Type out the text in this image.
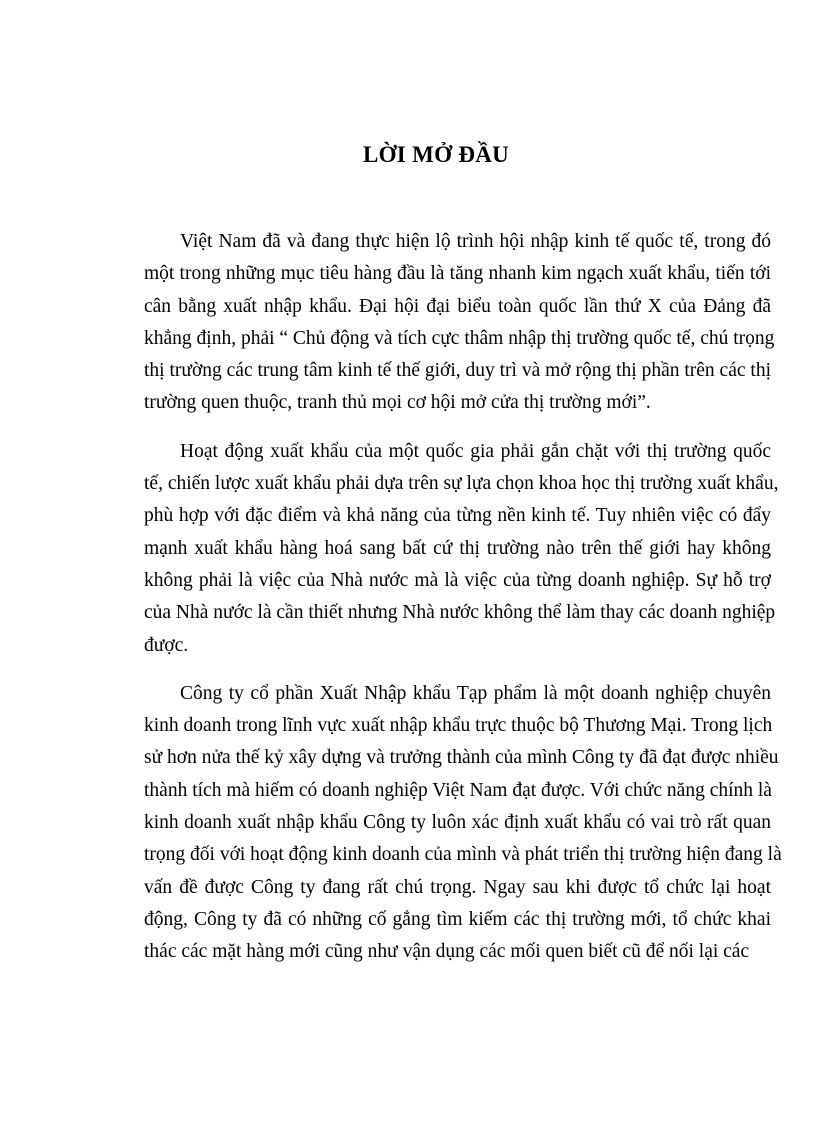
LỜI MỞ ĐẦU

Việt Nam đã và đang thực hiện lộ trình hội nhập kinh tế quốc tế, trong đó
một trong những mục tiêu hàng đầu là tăng nhanh kim ngạch xuất khẩu, tiến tới
cân bằng xuất nhập khẩu. Đại hội đại biểu toàn quốc lần thứ X của Đảng đã
khẳng định, phải “ Chủ động và tích cực thâm nhập thị trường quốc tế, chú trọng
thị trường các trung tâm kinh tế thế giới, duy trì và mở rộng thị phần trên các thị
trường quen thuộc, tranh thủ mọi cơ hội mở cửa thị trường mới”.

Hoạt động xuất khẩu của một quốc gia phải gắn chặt với thị trường quốc
tế, chiến lược xuất khẩu phải dựa trên sự lựa chọn khoa học thị trường xuất khẩu,
phù hợp với đặc điểm và khả năng của từng nền kinh tế. Tuy nhiên việc có đẩy
mạnh xuất khẩu hàng hoá sang bất cứ thị trường nào trên thế giới hay không
không phải là việc của Nhà nước mà là việc của từng doanh nghiệp. Sự hỗ trợ
của Nhà nước là cần thiết nhưng Nhà nước không thể làm thay các doanh nghiệp
được.

Công ty cổ phần Xuất Nhập khẩu Tạp phẩm là một doanh nghiệp chuyên
kinh doanh trong lĩnh vực xuất nhập khẩu trực thuộc bộ Thương Mại. Trong lịch
sử hơn nửa thế kỷ xây dựng và trưởng thành của mình Công ty đã đạt được nhiều
thành tích mà hiếm có doanh nghiệp Việt Nam đạt được. Với chức năng chính là
kinh doanh xuất nhập khẩu Công ty luôn xác định xuất khẩu có vai trò rất quan
trọng đối với hoạt động kinh doanh của mình và phát triển thị trường hiện đang là
vấn đề được Công ty đang rất chú trọng. Ngay sau khi được tổ chức lại hoạt
động, Công ty đã có những cố gắng tìm kiếm các thị trường mới, tổ chức khai
thác các mặt hàng mới cũng như vận dụng các mối quen biết cũ để nối lại các
